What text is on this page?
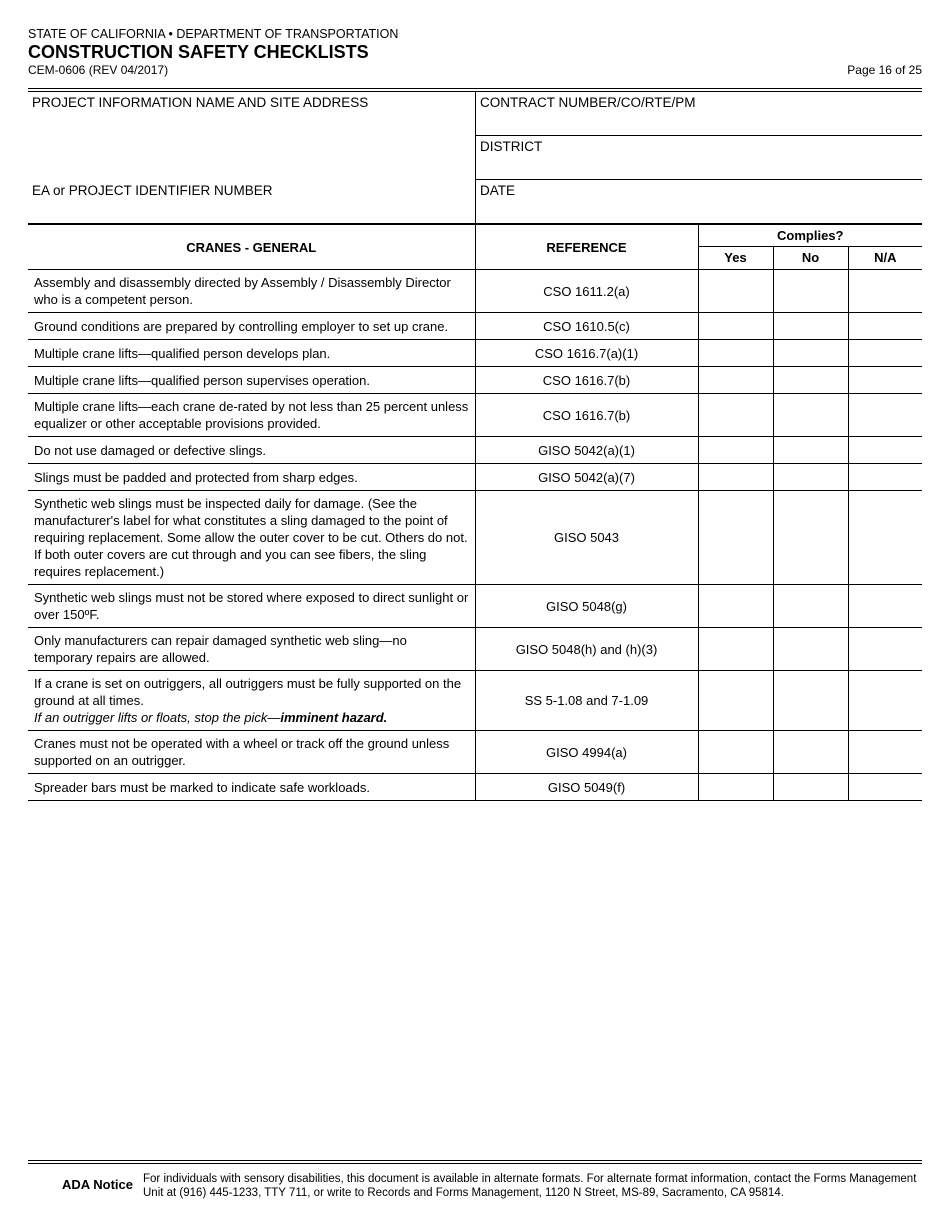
STATE OF CALIFORNIA • DEPARTMENT OF TRANSPORTATION
CONSTRUCTION SAFETY CHECKLISTS
CEM-0606 (REV 04/2017)	Page 16 of 25
PROJECT INFORMATION NAME AND SITE ADDRESS	CONTRACT NUMBER/CO/RTE/PM
	DISTRICT
EA or PROJECT IDENTIFIER NUMBER	DATE
CRANES - GENERAL	REFERENCE	Complies?		
		Yes	No	N/A
Assembly and disassembly directed by Assembly / Disassembly Director who is a competent person.	CSO 1611.2(a)			
Ground conditions are prepared by controlling employer to set up crane.	CSO 1610.5(c)			
Multiple crane lifts—qualified person develops plan.	CSO 1616.7(a)(1)			
Multiple crane lifts—qualified person supervises operation.	CSO 1616.7(b)			
Multiple crane lifts—each crane de-rated by not less than 25 percent unless equalizer or other acceptable provisions provided.	CSO 1616.7(b)			
Do not use damaged or defective slings.	GISO 5042(a)(1)			
Slings must be padded and protected from sharp edges.	GISO 5042(a)(7)			
Synthetic web slings must be inspected daily for damage. (See the manufacturer's label for what constitutes a sling damaged to the point of requiring replacement. Some allow the outer cover to be cut. Others do not. If both outer covers are cut through and you can see fibers, the sling requires replacement.)	GISO 5043			
Synthetic web slings must not be stored where exposed to direct sunlight or over 150ºF.	GISO 5048(g)			
Only manufacturers can repair damaged synthetic web sling—no temporary repairs are allowed.	GISO 5048(h) and (h)(3)			
If a crane is set on outriggers, all outriggers must be fully supported on the ground at all times.
If an outrigger lifts or floats, stop the pick—imminent hazard.	SS 5-1.08 and 7-1.09			
Cranes must not be operated with a wheel or track off the ground unless supported on an outrigger.	GISO 4994(a)			
Spreader bars must be marked to indicate safe workloads.	GISO 5049(f)			
ADA Notice For individuals with sensory disabilities, this document is available in alternate formats. For alternate format information, contact the Forms Management Unit at (916) 445-1233, TTY 711, or write to Records and Forms Management, 1120 N Street, MS-89, Sacramento, CA 95814.
